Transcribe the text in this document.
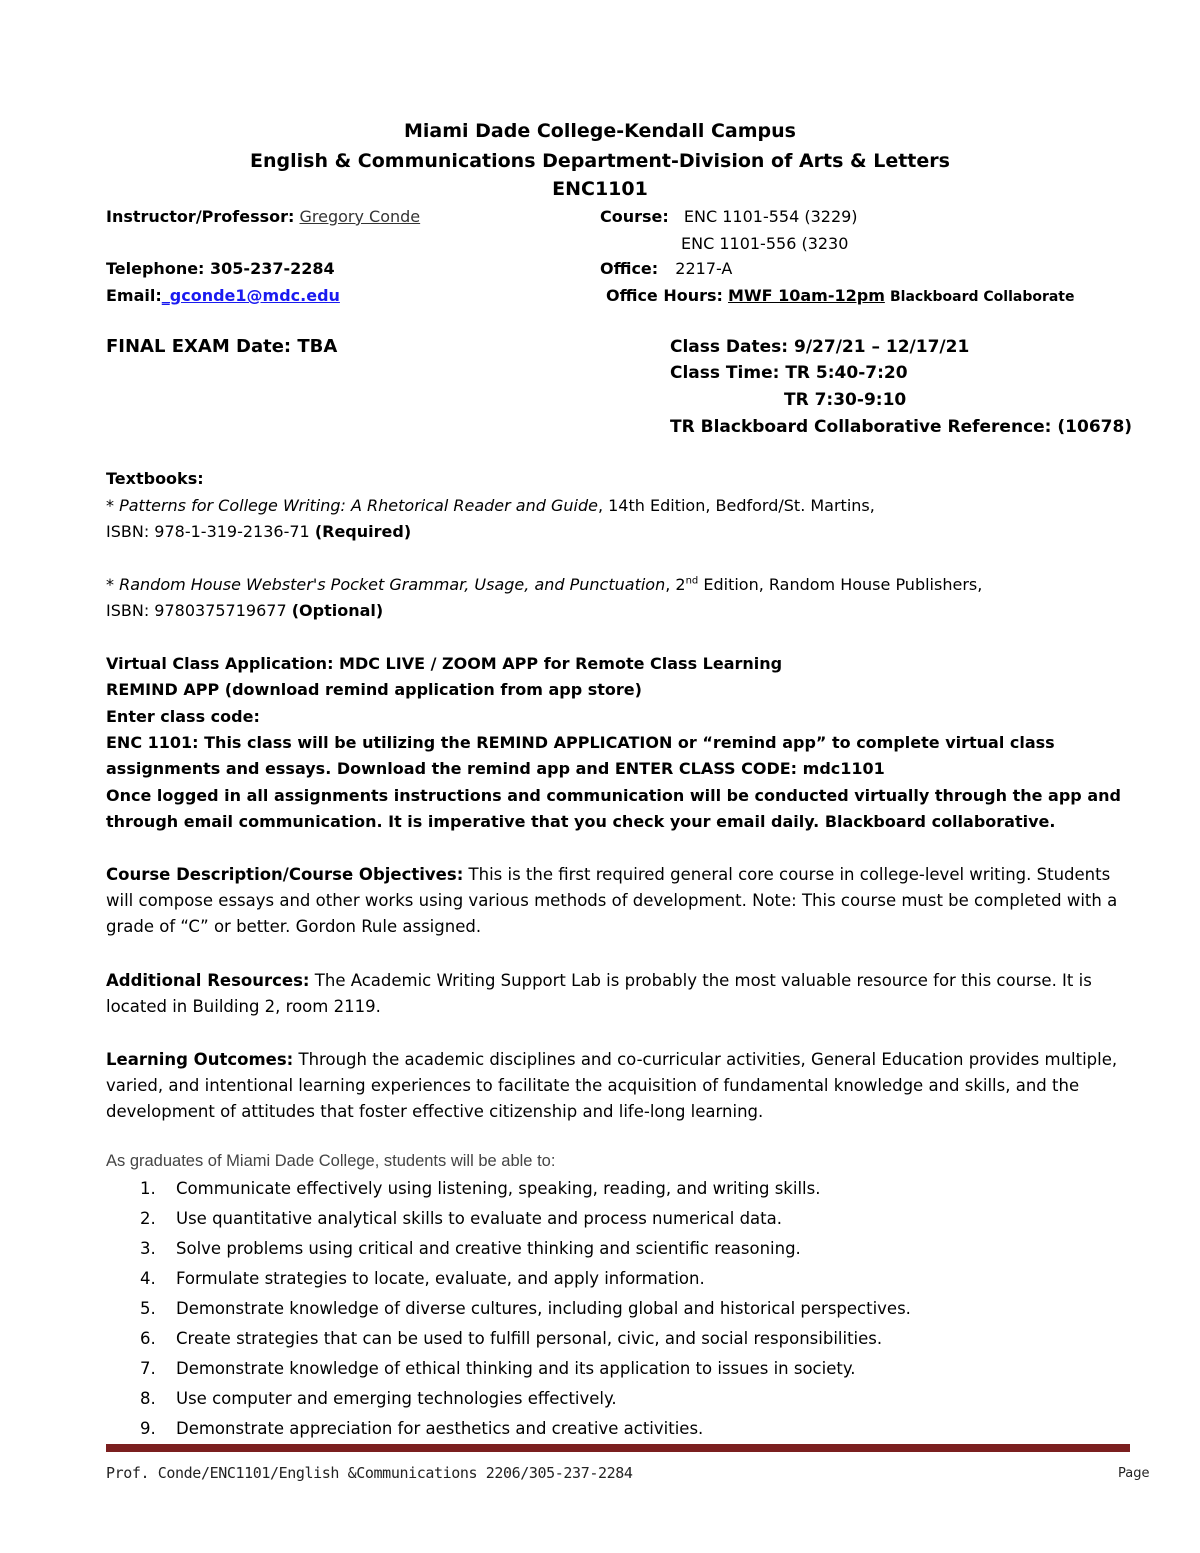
Miami Dade College-Kendall Campus
English & Communications Department-Division of Arts & Letters
ENC1101
Instructor/Professor: Gregory Conde
Telephone: 305-237-2284
Email:_gconde1@mdc.edu
Course: ENC 1101-554 (3229)
ENC 1101-556 (3230
Office: 2217-A
Office Hours: MWF 10am-12pm Blackboard Collaborate
FINAL EXAM Date: TBA	Class Dates: 9/27/21 – 12/17/21
Class Time: TR 5:40-7:20
TR 7:30-9:10
TR Blackboard Collaborative Reference: (10678)
Textbooks:
* Patterns for College Writing: A Rhetorical Reader and Guide, 14th Edition, Bedford/St. Martins,
ISBN: 978-1-319-2136-71 (Required)
* Random House Webster's Pocket Grammar, Usage, and Punctuation, 2nd Edition, Random House Publishers,
ISBN: 9780375719677 (Optional)
Virtual Class Application: MDC LIVE / ZOOM APP for Remote Class Learning
REMIND APP (download remind application from app store)
Enter class code:
ENC 1101: This class will be utilizing the REMIND APPLICATION or “remind app” to complete virtual class
assignments and essays. Download the remind app and ENTER CLASS CODE: mdc1101
Once logged in all assignments instructions and communication will be conducted virtually through the app and
through email communication. It is imperative that you check your email daily. Blackboard collaborative.
Course Description/Course Objectives: This is the first required general core course in college-level writing. Students will compose essays and other works using various methods of development. Note: This course must be completed with a grade of “C” or better. Gordon Rule assigned.
Additional Resources: The Academic Writing Support Lab is probably the most valuable resource for this course. It is located in Building 2, room 2119.
Learning Outcomes: Through the academic disciplines and co-curricular activities, General Education provides multiple, varied, and intentional learning experiences to facilitate the acquisition of fundamental knowledge and skills, and the development of attitudes that foster effective citizenship and life-long learning.
As graduates of Miami Dade College, students will be able to:
1. Communicate effectively using listening, speaking, reading, and writing skills.
2. Use quantitative analytical skills to evaluate and process numerical data.
3. Solve problems using critical and creative thinking and scientific reasoning.
4. Formulate strategies to locate, evaluate, and apply information.
5. Demonstrate knowledge of diverse cultures, including global and historical perspectives.
6. Create strategies that can be used to fulfill personal, civic, and social responsibilities.
7. Demonstrate knowledge of ethical thinking and its application to issues in society.
8. Use computer and emerging technologies effectively.
9. Demonstrate appreciation for aesthetics and creative activities.
Prof. Conde/ENC1101/English &Communications 2206/305-237-2284	Page
